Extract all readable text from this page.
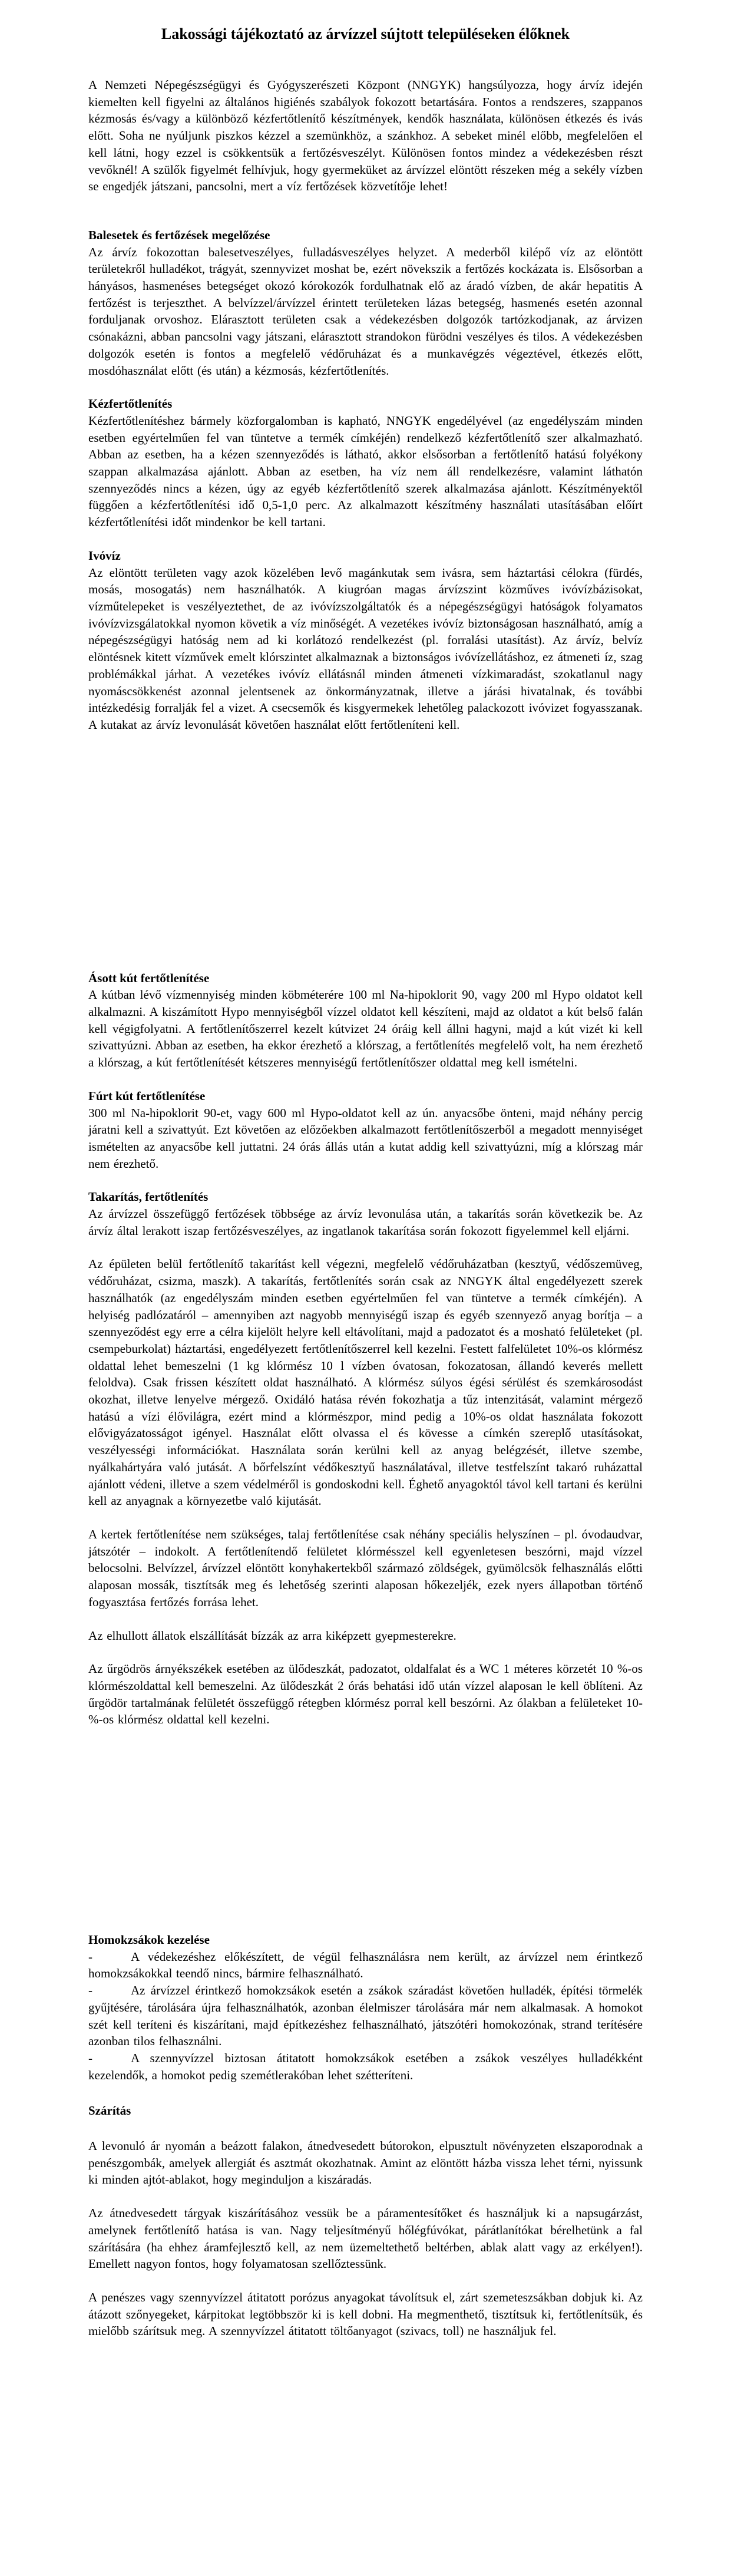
Lakossági tájékoztató az árvízzel sújtott településeken élőknek
A Nemzeti Népegészségügyi és Gyógyszerészeti Központ (NNGYK) hangsúlyozza, hogy árvíz idején kiemelten kell figyelni az általános higiénés szabályok fokozott betartására. Fontos a rendszeres, szappanos kézmosás és/vagy a különböző kézfertőtlenítő készítmények, kendők használata, különösen étkezés és ivás előtt. Soha ne nyúljunk piszkos kézzel a szemünkhöz, a szánkhoz. A sebeket minél előbb, megfelelően el kell látni, hogy ezzel is csökkentsük a fertőzésveszélyt. Különösen fontos mindez a védekezésben részt vevőknél! A szülők figyelmét felhívjuk, hogy gyermeküket az árvízzel elöntött részeken még a sekély vízben se engedjék játszani, pancsolni, mert a víz fertőzések közvetítője lehet!
Balesetek és fertőzések megelőzése
Az árvíz fokozottan balesetveszélyes, fulladásveszélyes helyzet. A mederből kilépő víz az elöntött területekről hulladékot, trágyát, szennyvizet moshat be, ezért növekszik a fertőzés kockázata is. Elsősorban a hányásos, hasmenéses betegséget okozó kórokozók fordulhatnak elő az áradó vízben, de akár hepatitis A fertőzést is terjeszthet. A belvízzel/árvízzel érintett területeken lázas betegség, hasmenés esetén azonnal forduljanak orvoshoz. Elárasztott területen csak a védekezésben dolgozók tartózkodjanak, az árvizen csónakázni, abban pancsolni vagy játszani, elárasztott strandokon fürödni veszélyes és tilos. A védekezésben dolgozók esetén is fontos a megfelelő védőruházat és a munkavégzés végeztével, étkezés előtt, mosdóhasználat előtt (és után) a kézmosás, kézfertőtlenítés.
Kézfertőtlenítés
Kézfertőtlenítéshez bármely közforgalomban is kapható, NNGYK engedélyével (az engedélyszám minden esetben egyértelműen fel van tüntetve a termék címkéjén) rendelkező kézfertőtlenítő szer alkalmazható. Abban az esetben, ha a kézen szennyeződés is látható, akkor elsősorban a fertőtlenítő hatású folyékony szappan alkalmazása ajánlott. Abban az esetben, ha víz nem áll rendelkezésre, valamint láthatón szennyeződés nincs a kézen, úgy az egyéb kézfertőtlenítő szerek alkalmazása ajánlott. Készítményektől függően a kézfertőtlenítési idő 0,5-1,0 perc. Az alkalmazott készítmény használati utasításában előírt kézfertőtlenítési időt mindenkor be kell tartani.
Ivóvíz
Az elöntött területen vagy azok közelében levő magánkutak sem ivásra, sem háztartási célokra (fürdés, mosás, mosogatás) nem használhatók. A kiugróan magas árvízszint közműves ivóvízbázisokat, vízműtelepeket is veszélyeztethet, de az ivóvízszolgáltatók és a népegészségügyi hatóságok folyamatos ivóvízvizsgálatokkal nyomon követik a víz minőségét. A vezetékes ivóvíz biztonságosan használható, amíg a népegészségügyi hatóság nem ad ki korlátozó rendelkezést (pl. forralási utasítást). Az árvíz, belvíz elöntésnek kitett vízművek emelt klórszintet alkalmaznak a biztonságos ivóvízellátáshoz, ez átmeneti íz, szag problémákkal járhat. A vezetékes ivóvíz ellátásnál minden átmeneti vízkimaradást, szokatlanul nagy nyomáscsökkenést azonnal jelentsenek az önkormányzatnak, illetve a járási hivatalnak, és további intézkedésig forralják fel a vizet. A csecsemők és kisgyermekek lehetőleg palackozott ivóvizet fogyasszanak. A kutakat az árvíz levonulását követően használat előtt fertőtleníteni kell.
Ásott kút fertőtlenítése
A kútban lévő vízmennyiség minden köbméterére 100 ml Na-hipoklorit 90, vagy 200 ml Hypo oldatot kell alkalmazni. A kiszámított Hypo mennyiségből vízzel oldatot kell készíteni, majd az oldatot a kút belső falán kell végigfolyatni. A fertőtlenítőszerrel kezelt kútvizet 24 óráig kell állni hagyni, majd a kút vizét ki kell szivattyúzni. Abban az esetben, ha ekkor érezhető a klórszag, a fertőtlenítés megfelelő volt, ha nem érezhető a klórszag, a kút fertőtlenítését kétszeres mennyiségű fertőtlenítőszer oldattal meg kell ismételni.
Fúrt kút fertőtlenítése
300 ml Na-hipoklorit 90-et, vagy 600 ml Hypo-oldatot kell az ún. anyacsőbe önteni, majd néhány percig járatni kell a szivattyút. Ezt követően az előzőekben alkalmazott fertőtlenítőszerből a megadott mennyiséget ismételten az anyacsőbe kell juttatni. 24 órás állás után a kutat addig kell szivattyúzni, míg a klórszag már nem érezhető.
Takarítás, fertőtlenítés
Az árvízzel összefüggő fertőzések többsége az árvíz levonulása után, a takarítás során következik be. Az árvíz által lerakott iszap fertőzésveszélyes, az ingatlanok takarítása során fokozott figyelemmel kell eljárni.
Az épületen belül fertőtlenítő takarítást kell végezni, megfelelő védőruházatban (kesztyű, védőszemüveg, védőruházat, csizma, maszk). A takarítás, fertőtlenítés során csak az NNGYK által engedélyezett szerek használhatók (az engedélyszám minden esetben egyértelműen fel van tüntetve a termék címkéjén). A helyiség padlózatáról – amennyiben azt nagyobb mennyiségű iszap és egyéb szennyező anyag borítja – a szennyeződést egy erre a célra kijelölt helyre kell eltávolítani, majd a padozatot és a mosható felületeket (pl. csempeburkolat) háztartási, engedélyezett fertőtlenítőszerrel kell kezelni. Festett falfelületet 10%-os klórmész oldattal lehet bemeszelni (1 kg klórmész 10 l vízben óvatosan, fokozatosan, állandó keverés mellett feloldva). Csak frissen készített oldat használható. A klórmész súlyos égési sérülést és szemkárosodást okozhat, illetve lenyelve mérgező. Oxidáló hatása révén fokozhatja a tűz intenzitását, valamint mérgező hatású a vízi élővilágra, ezért mind a klórmészpor, mind pedig a 10%-os oldat használata fokozott elővigyázatosságot igényel. Használat előtt olvassa el és kövesse a címkén szereplő utasításokat, veszélyességi információkat. Használata során kerülni kell az anyag belégzését, illetve szembe, nyálkahártyára való jutását. A bőrfelszínt védőkesztyű használatával, illetve testfelszínt takaró ruházattal ajánlott védeni, illetve a szem védelméről is gondoskodni kell. Éghető anyagoktól távol kell tartani és kerülni kell az anyagnak a környezetbe való kijutását.
A kertek fertőtlenítése nem szükséges, talaj fertőtlenítése csak néhány speciális helyszínen – pl. óvodaudvar, játszótér – indokolt. A fertőtlenítendő felületet klórmésszel kell egyenletesen beszórni, majd vízzel belocsolni. Belvízzel, árvízzel elöntött konyhakertekből származó zöldségek, gyümölcsök felhasználás előtti alaposan mossák, tisztítsák meg és lehetőség szerinti alaposan hőkezeljék, ezek nyers állapotban történő fogyasztása fertőzés forrása lehet.
Az elhullott állatok elszállítását bízzák az arra kiképzett gyepmesterekre.
Az űrgödrös árnyékszékek esetében az ülődeszkát, padozatot, oldalfalat és a WC 1 méteres körzetét 10 %-os klórmészoldattal kell bemeszelni. Az ülődeszkát 2 órás behatási idő után vízzel alaposan le kell öblíteni. Az űrgödör tartalmának felületét összefüggő rétegben klórmész porral kell beszórni. Az ólakban a felületeket 10-%-os klórmész oldattal kell kezelni.
Homokzsákok kezelése
-	A védekezéshez előkészített, de végül felhasználásra nem került, az árvízzel nem érintkező homokzsákokkal teendő nincs, bármire felhasználható.
-	Az árvízzel érintkező homokzsákok esetén a zsákok száradást követően hulladék, építési törmelék gyűjtésére, tárolására újra felhasználhatók, azonban élelmiszer tárolására már nem alkalmasak. A homokot szét kell teríteni és kiszárítani, majd építkezéshez felhasználható, játszótéri homokozónak, strand terítésére azonban tilos felhasználni.
-	A szennyvízzel biztosan átitatott homokzsákok esetében a zsákok veszélyes hulladékként kezelendők, a homokot pedig szemétlerakóban lehet szétteríteni.
Szárítás
A levonuló ár nyomán a beázott falakon, átnedvesedett bútorokon, elpusztult növényzeten elszaporodnak a penészgombák, amelyek allergiát és asztmát okozhatnak. Amint az elöntött házba vissza lehet térni, nyissunk ki minden ajtót-ablakot, hogy meginduljon a kiszáradás.
Az átnedvesedett tárgyak kiszárításához vessük be a páramentesítőket és használjuk ki a napsugárzást, amelynek fertőtlenítő hatása is van. Nagy teljesítményű hőlégfúvókat, párátlanítókat bérelhetünk a fal szárítására (ha ehhez áramfejlesztő kell, az nem üzemeltethető beltérben, ablak alatt vagy az erkélyen!). Emellett nagyon fontos, hogy folyamatosan szellőztessünk.
A penészes vagy szennyvízzel átitatott porózus anyagokat távolítsuk el, zárt szemeteszsákban dobjuk ki. Az átázott szőnyegeket, kárpitokat legtöbbször ki is kell dobni. Ha megmenthető, tisztítsuk ki, fertőtlenítsük, és mielőbb szárítsuk meg. A szennyvízzel átitatott töltőanyagot (szivacs, toll) ne használjuk fel.
